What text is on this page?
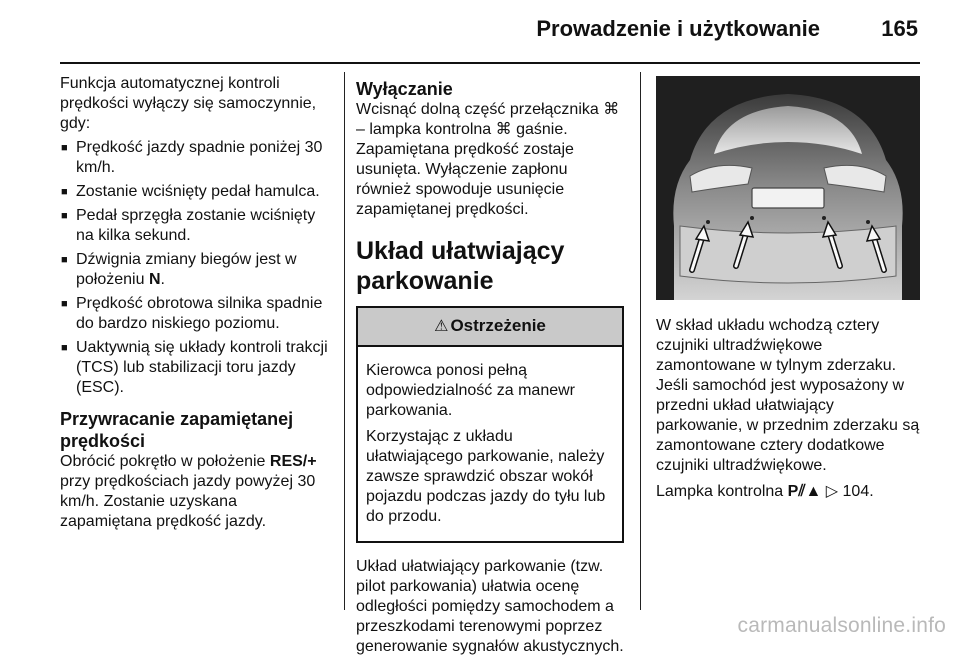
Prowadzenie i użytkowanie	165

Funkcja automatycznej kontroli prędkości wyłączy się samoczynnie, gdy:

■ Prędkość jazdy spadnie poniżej 30 km/h.
■ Zostanie wciśnięty pedał hamulca.
■ Pedał sprzęgła zostanie wciśnięty na kilka sekund.
■ Dźwignia zmiany biegów jest w położeniu N.
■ Prędkość obrotowa silnika spadnie do bardzo niskiego poziomu.
■ Uaktywnią się układy kontroli trakcji (TCS) lub stabilizacji toru jazdy (ESC).
Przywracanie zapamiętanej prędkości

Obrócić pokrętło w położenie RES/+ przy prędkościach jazdy powyżej 30 km/h. Zostanie uzyskana zapamiętana prędkość jazdy.

Wyłączanie

Wcisnąć dolną część przełącznika ⌘ – lampka kontrolna ⌘ gaśnie. Zapamiętana prędkość zostaje usunięta. Wyłączenie zapłonu również spowoduje usunięcie zapamiętanej prędkości.

Układ ułatwiający parkowanie
⚠ Ostrzeżenie

Kierowca ponosi pełną odpowiedzialność za manewr parkowania.

Korzystając z układu ułatwiającego parkowanie, należy zawsze sprawdzić obszar wokół pojazdu podczas jazdy do tyłu lub do przodu.

Układ ułatwiający parkowanie (tzw. pilot parkowania) ułatwia ocenę odległości pomiędzy samochodem a przeszkodami terenowymi poprzez generowanie sygnałów akustycznych.

W skład układu wchodzą cztery czujniki ultradźwiękowe zamontowane w tylnym zderzaku. Jeśli samochód jest wyposażony w przedni układ ułatwiający parkowanie, w przednim zderzaku są zamontowane cztery dodatkowe czujniki ultradźwiękowe.

Lampka kontrolna P⫽▲ ▷ 104.

carmanualsonline.info
